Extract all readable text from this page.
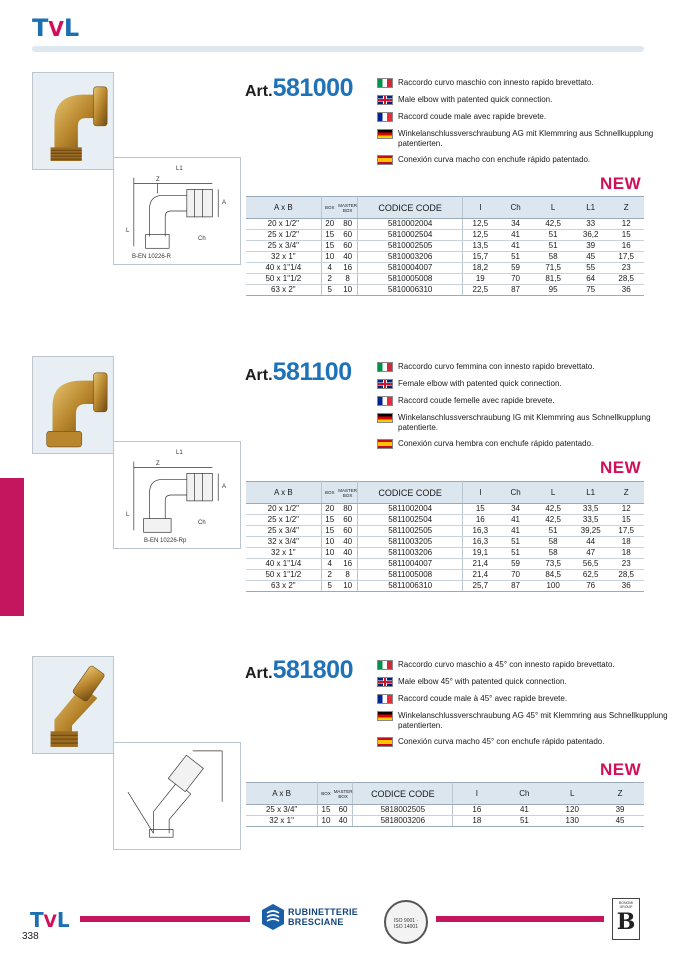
TVL
L1
Z
A
Ch
L
B-EN 10226-R
Art.581000	Raccordo curvo maschio con innesto rapido brevettato.
Male elbow with patented quick connection.
Raccord coude male avec rapide brevete.
Winkelanschlussverschraubung AG mit Klemmring aus Schnellkupplung patentierten.
Conexión curva macho con enchufe rápido patentado.
NEW
A x B	BOX	MASTER BOX	CODICE CODE	I	Ch	L	L1	Z
20 x 1/2"	20	80	5810002004	12,5	34	42,5	33	12
25 x 1/2"	15	60	5810002504	12,5	41	51	36,2	15
25 x 3/4"	15	60	5810002505	13,5	41	51	39	16
32 x 1"	10	40	5810003206	15,7	51	58	45	17,5
40 x 1"1/4	4	16	5810004007	18,2	59	71,5	55	23
50 x 1"1/2	2	8	5810005008	19	70	81,5	64	28,5
63 x 2"	5	10	5810006310	22,5	87	95	75	36
L1
Z
A
Ch
L
B-EN 10226-Rp
Art.581100	Raccordo curvo femmina con innesto rapido brevettato.
Female elbow with patented quick connection.
Raccord coude femelle avec rapide brevete.
Winkelanschlussverschraubung IG mit Klemmring aus Schnellkupplung patentierte.
Conexión curva hembra con enchufe rápido patentado.
NEW
A x B	BOX	MASTER BOX	CODICE CODE	I	Ch	L	L1	Z
20 x 1/2"	20	80	5811002004	15	34	42,5	33,5	12
25 x 1/2"	15	60	5811002504	16	41	42,5	33,5	15
25 x 3/4"	15	60	5811002505	16,3	41	51	39,25	17,5
32 x 3/4"	10	40	5811003205	16,3	51	58	44	18
32 x 1"	10	40	5811003206	19,1	51	58	47	18
40 x 1"1/4	4	16	5811004007	21,4	59	73,5	56,5	23
50 x 1"1/2	2	8	5811005008	21,4	70	84,5	62,5	28,5
63 x 2"	5	10	5811006310	25,7	87	100	76	36
Art.581800	Raccordo curvo maschio a 45° con innesto rapido brevettato.
Male elbow 45° with patented quick connection.
Raccord coude male à 45° avec rapide brevete.
Winkelanschlussverschraubung AG 45° mit Klemmring aus Schnellkupplung patentierten.
Conexión curva macho 45° con enchufe rápido patentado.
NEW
A x B	BOX	MASTER BOX	CODICE CODE	I	Ch	L	Z
25 x 3/4"	15	60	5818002505	16	41	120	39
32 x 1"	10	40	5818003206	18	51	130	45
TVL
338
RUBINETTERIE
BRESCIANE	ISO 9001 · ISO 14001
BONOMI GROUP
B
